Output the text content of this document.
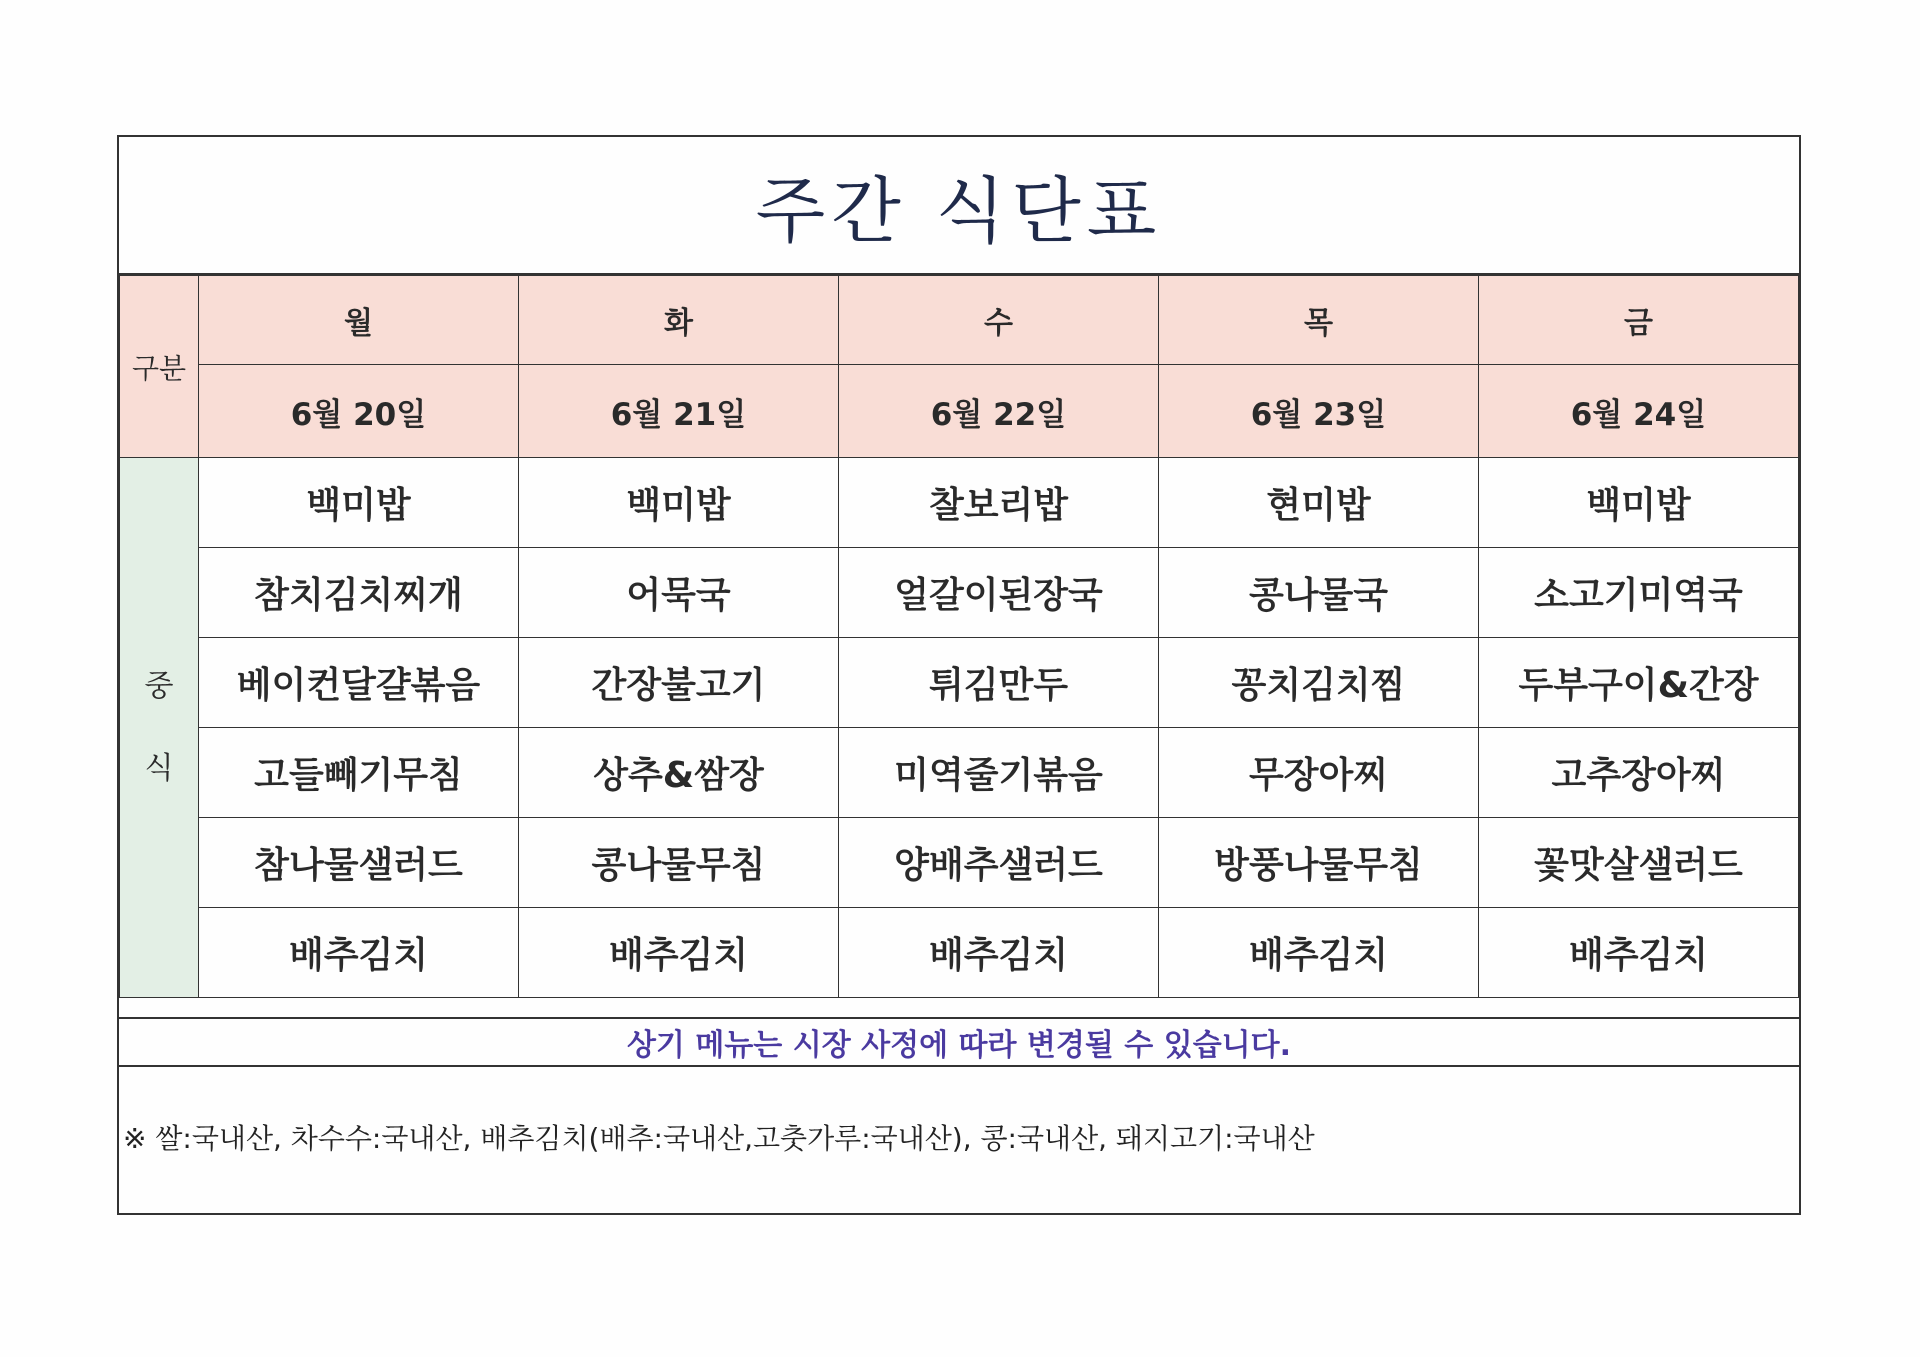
주간 식단표
구분	월	화	수	목	금
	6월 20일	6월 21일	6월 22일	6월 23일	6월 24일

중
식	백미밥	백미밥	찰보리밥	현미밥	백미밥
	참치김치찌개	어묵국	얼갈이된장국	콩나물국	소고기미역국
	베이컨달걀볶음	간장불고기	튀김만두	꽁치김치찜	두부구이&간장
	고들빼기무침	상추&쌈장	미역줄기볶음	무장아찌	고추장아찌
	참나물샐러드	콩나물무침	양배추샐러드	방풍나물무침	꽃맛살샐러드
	배추김치	배추김치	배추김치	배추김치	배추김치
상기 메뉴는 시장 사정에 따라 변경될 수 있습니다.
※ 쌀:국내산, 차수수:국내산, 배추김치(배추:국내산,고춧가루:국내산), 콩:국내산, 돼지고기:국내산
